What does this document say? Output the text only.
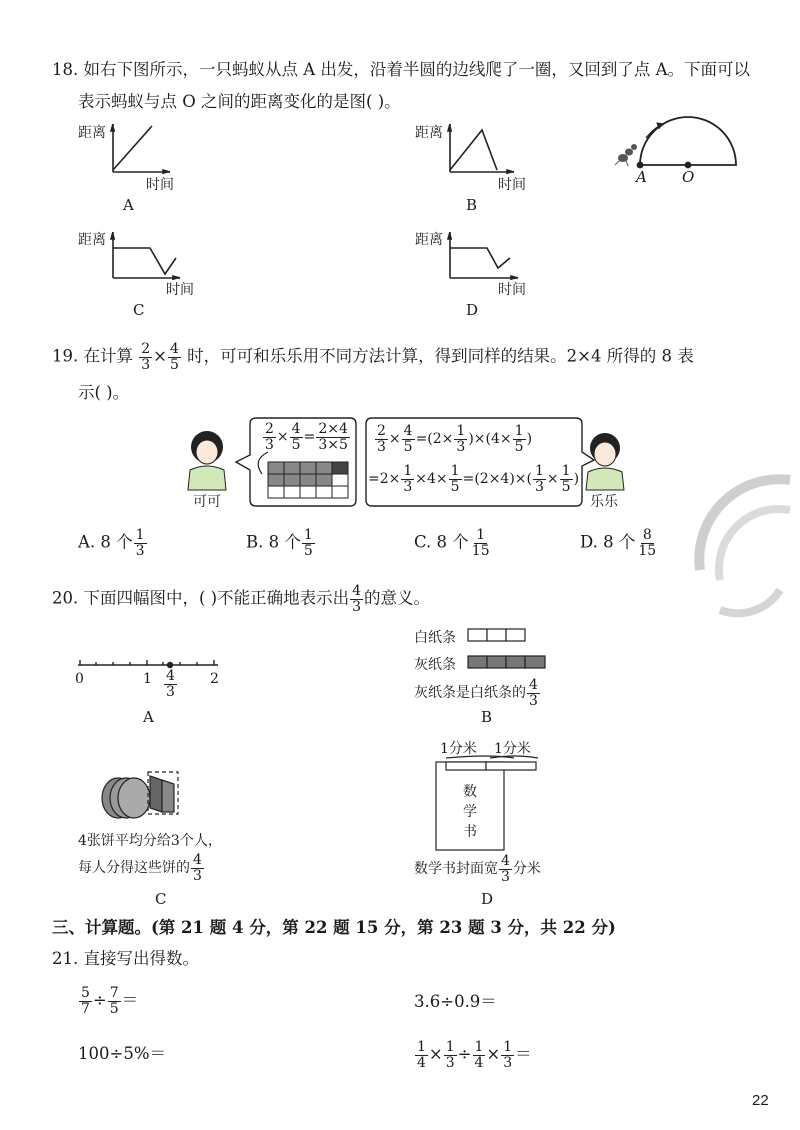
18. 如右下图所示，一只蚂蚁从点 A 出发，沿着半圆的边线爬了一圈，又回到了点 A。下面可以
表示蚂蚁与点 O 之间的距离变化的是图( )。
距离
时间
距离
时间
距离
时间
距离
时间
A	B
C	D
A O
19. 在计算 $\frac{2}{3} \times \frac{4}{5}$ 时，可可和乐乐用不同方法计算，得到同样的结果。2×4 所得的 8 表
示( )。
$\frac{2}{3} \times \frac{4}{5} = \frac{2\times 4}{3\times 5} \frac{2}{3} \times \frac{4}{5} =(2\times \frac{1}{3} )\times(4\times \frac{1}{5}$ )
$=2\times \frac{1}{3} \times 4\times \frac{1}{5} =(2\times 4)\times( \frac{1}{3} \times \frac{1}{5}$ )
可可	乐乐
A. 8 个 $\frac{1}{3}$	B. 8 个 $\frac{1}{5}$	C. 8 个 $\frac{1}{15}$	D. 8 个 $\frac{8}{15}$
20. 下面四幅图中，( )不能正确地表示出 $\frac{4}{3}$ 的意义。
0	1	2
$\frac{4}{3}$
A
白纸条
灰纸条
灰纸条是白纸条的 $\frac{4}{3}$
B
4张饼平均分给3个人，
每人分得这些饼的 $\frac{4}{3}$
C
1分米 1分米
数
学
书
数学书封面宽 $\frac{4}{3}$ 分米
D
三、计算题。(第 21 题 4 分，第 22 题 15 分，第 23 题 3 分，共 22 分)
21. 直接写出得数。
$\frac{5}{7} \div \frac{7}{5}$ ＝	3.6÷0.9＝
100÷5%＝	$\frac{1}{4} \times \frac{1}{3} \div \frac{1}{4} \times \frac{1}{3}$ ＝
22
